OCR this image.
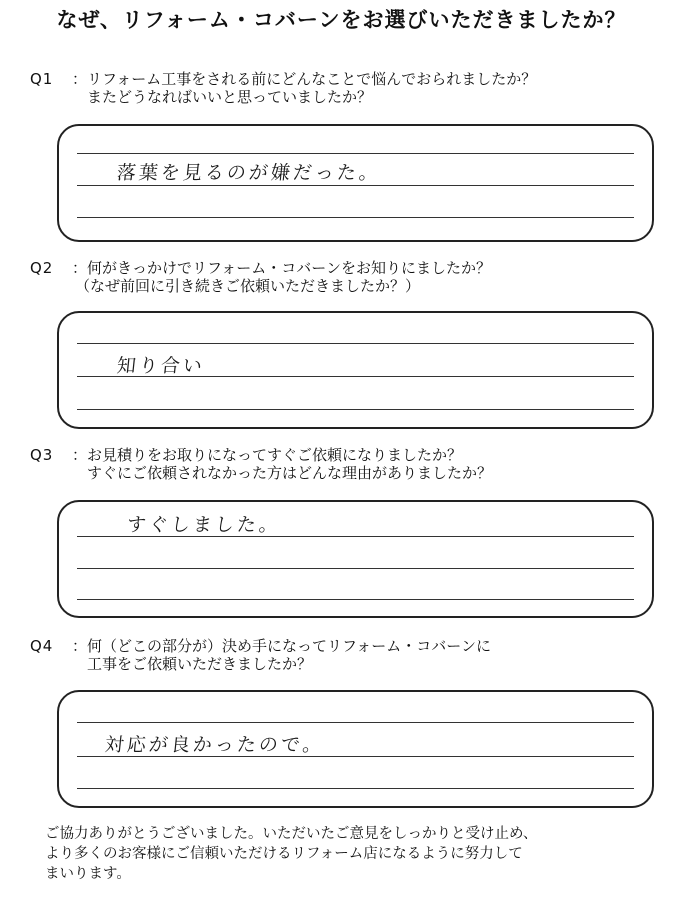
なぜ、リフォーム・コバーンをお選びいただきましたか？
Q1 ：リフォーム工事をされる前にどんなことで悩んでおられましたか？
またどうなればいいと思っていましたか？
落葉を見るのが嫌だった。
Q2 ：何がきっかけでリフォーム・コバーンをお知りにましたか？
（なぜ前回に引き続きご依頼いただきましたか？）
知り合い
Q3 ：お見積りをお取りになってすぐご依頼になりましたか？
すぐにご依頼されなかった方はどんな理由がありましたか？
すぐしました。
Q4 ：何（どこの部分が）決め手になってリフォーム・コバーンに
工事をご依頼いただきましたか？
対応が良かったので。
ご協力ありがとうございました。いただいたご意見をしっかりと受け止め、
より多くのお客様にご信頼いただけるリフォーム店になるように努力して
まいります。
